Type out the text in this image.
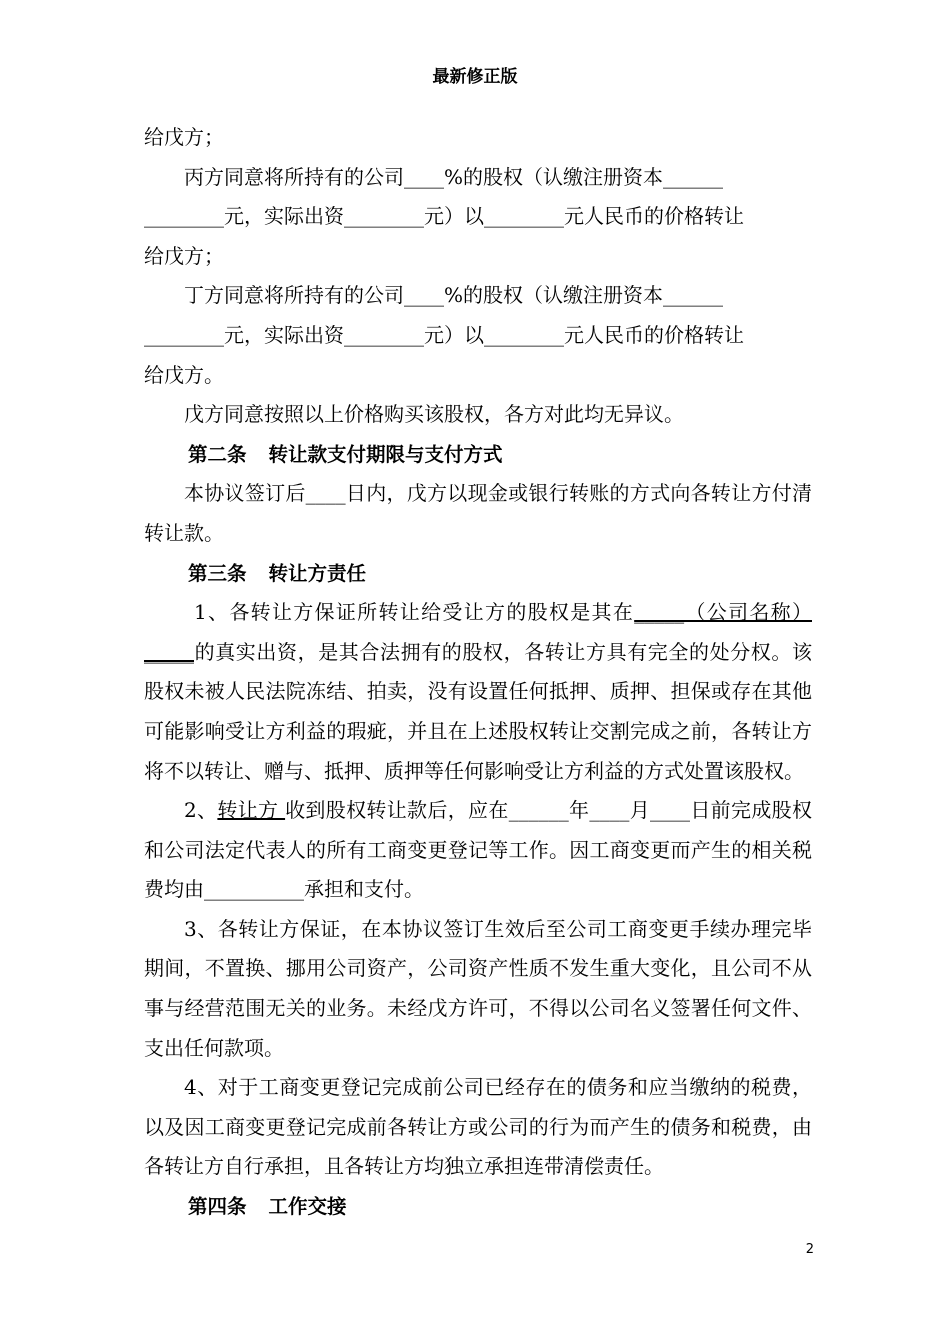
最新修正版

给戊方；

丙方同意将所持有的公司____%的股权（认缴注册资本______
________元，实际出资________元）以________元人民币的价格转让
给戊方；

丁方同意将所持有的公司____%的股权（认缴注册资本______
________元，实际出资________元）以________元人民币的价格转让
给戊方。

戊方同意按照以上价格购买该股权，各方对此均无异议。

第二条 转让款支付期限与支付方式

本协议签订后____日内，戊方以现金或银行转账的方式向各转让方付清转让款。

第三条 转让方责任

1、各转让方保证所转让给受让方的股权是其在_____（公司名称）_____的真实出资，是其合法拥有的股权，各转让方具有完全的处分权。该股权未被人民法院冻结、拍卖，没有设置任何抵押、质押、担保或存在其他可能影响受让方利益的瑕疵，并且在上述股权转让交割完成之前，各转让方将不以转让、赠与、抵押、质押等任何影响受让方利益的方式处置该股权。

2、转让方 收到股权转让款后，应在______年____月____日前完成股权和公司法定代表人的所有工商变更登记等工作。因工商变更而产生的相关税费均由__________承担和支付。

3、各转让方保证，在本协议签订生效后至公司工商变更手续办理完毕期间，不置换、挪用公司资产，公司资产性质不发生重大变化，且公司不从事与经营范围无关的业务。未经戊方许可，不得以公司名义签署任何文件、支出任何款项。

4、对于工商变更登记完成前公司已经存在的债务和应当缴纳的税费，以及因工商变更登记完成前各转让方或公司的行为而产生的债务和税费，由各转让方自行承担，且各转让方均独立承担连带清偿责任。

第四条 工作交接

2
